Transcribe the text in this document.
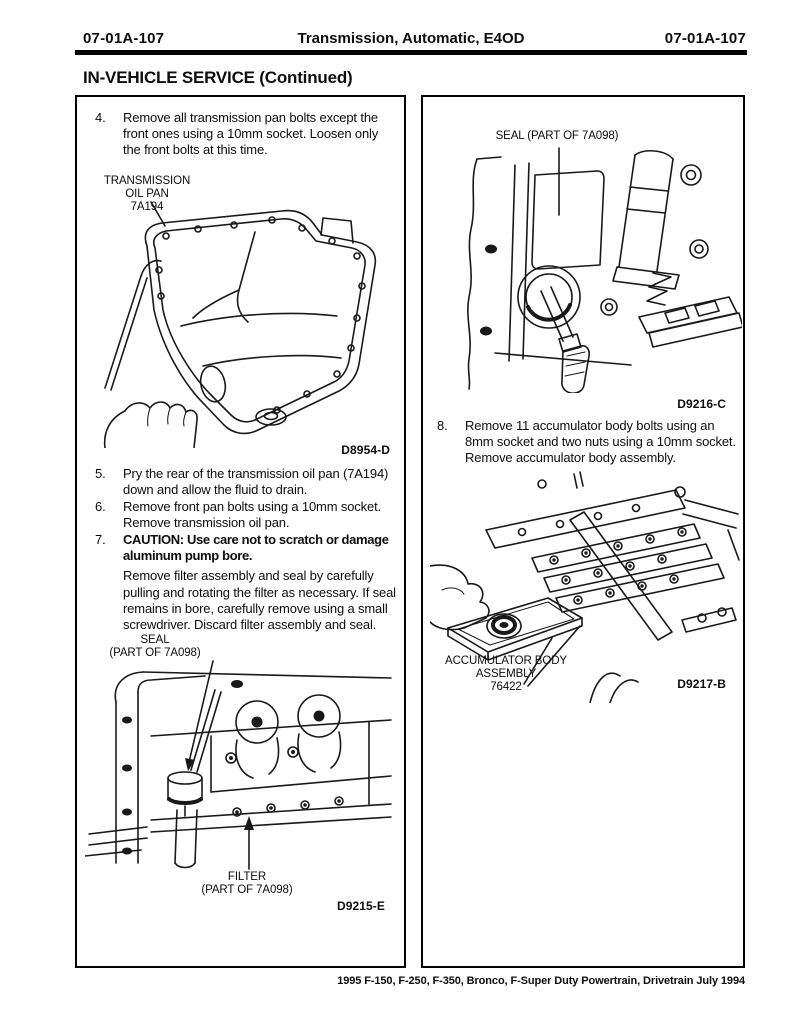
07-01A-107	Transmission, Automatic, E4OD	07-01A-107
IN-VEHICLE SERVICE (Continued)
4. Remove all transmission pan bolts except the front ones using a 10mm socket. Loosen only the front bolts at this time.
TRANSMISSION
OIL PAN
7A194
D8954-D
5. Pry the rear of the transmission oil pan (7A194) down and allow the fluid to drain.
6. Remove front pan bolts using a 10mm socket. Remove transmission oil pan.
7. CAUTION: Use care not to scratch or damage aluminum pump bore.
Remove filter assembly and seal by carefully pulling and rotating the filter as necessary. If seal remains in bore, carefully remove using a small screwdriver. Discard filter assembly and seal.
SEAL
(PART OF 7A098)
FILTER
(PART OF 7A098)
D9215-E
SEAL (PART OF 7A098)
D9216-C
8. Remove 11 accumulator body bolts using an 8mm socket and two nuts using a 10mm socket. Remove accumulator body assembly.
ACCUMULATOR BODY
ASSEMBLY
76422	D9217-B
1995 F-150, F-250, F-350, Bronco, F-Super Duty Powertrain, Drivetrain July 1994
